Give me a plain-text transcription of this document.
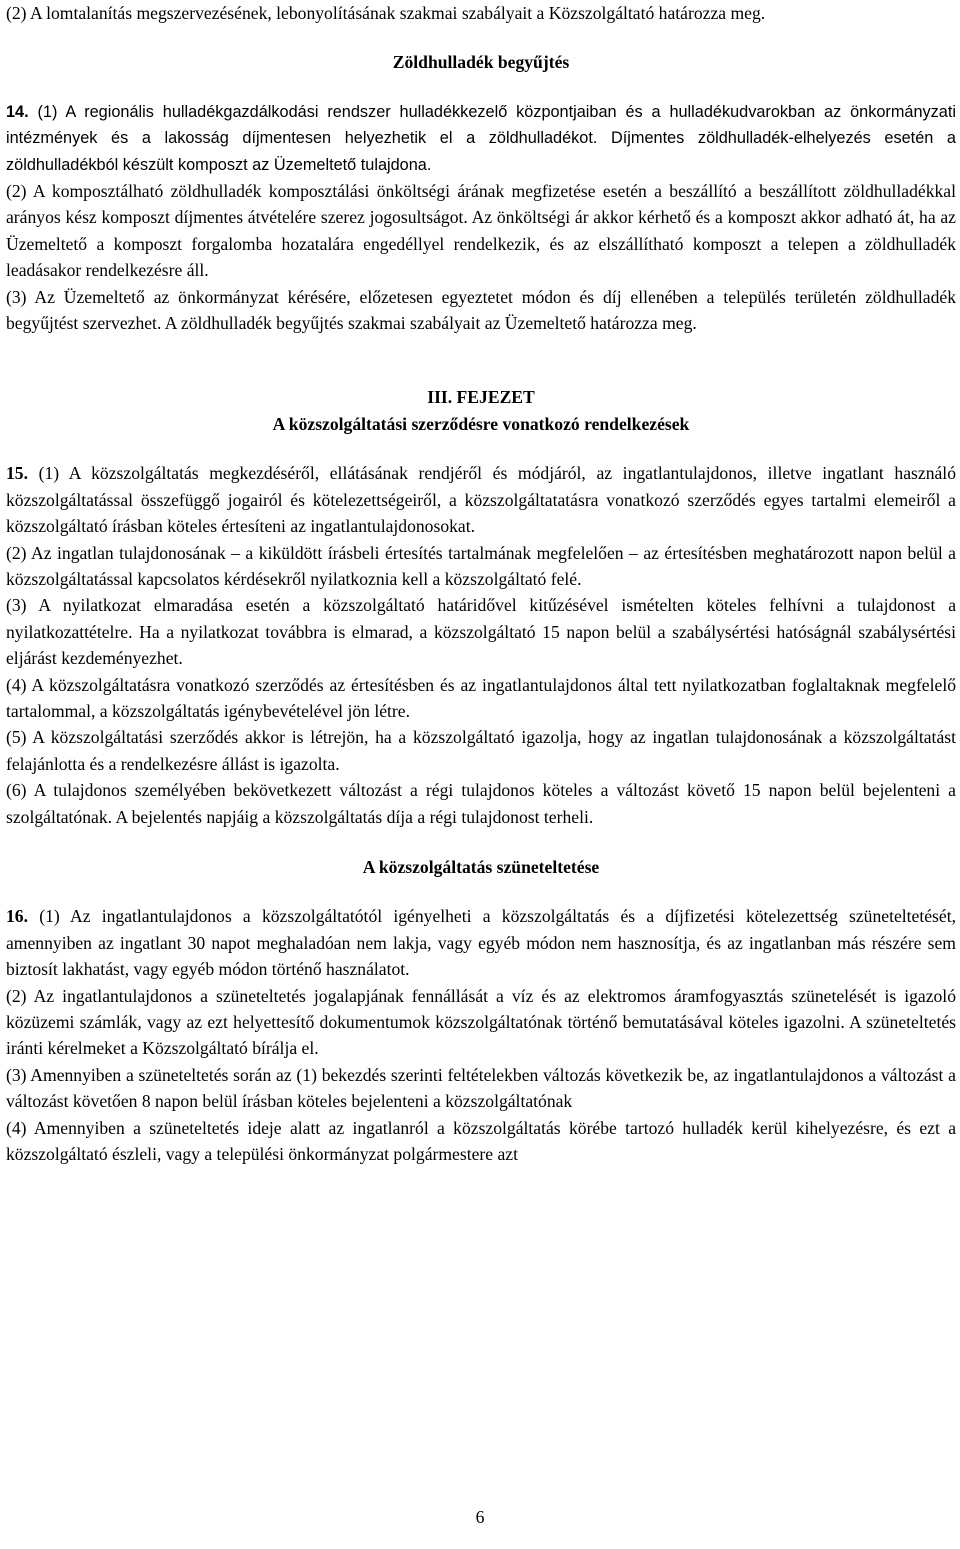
(2) A lomtalanítás megszervezésének, lebonyolításának szakmai szabályait a Közszolgáltató határozza meg.

Zöldhulladék begyűjtés

14. (1) A regionális hulladékgazdálkodási rendszer hulladékkezelő központjaiban és a hulladékudvarokban az önkormányzati intézmények és a lakosság díjmentesen helyezhetik el a zöldhulladékot. Díjmentes zöldhulladék-elhelyezés esetén a zöldhulladékból készült komposzt az Üzemeltető tulajdona.

(2) A komposztálható zöldhulladék komposztálási önköltségi árának megfizetése esetén a beszállító a beszállított zöldhulladékkal arányos kész komposzt díjmentes átvételére szerez jogosultságot. Az önköltségi ár akkor kérhető és a komposzt akkor adható át, ha az Üzemeltető a komposzt forgalomba hozatalára engedéllyel rendelkezik, és az elszállítható komposzt a telepen a zöldhulladék leadásakor rendelkezésre áll.

(3) Az Üzemeltető az önkormányzat kérésére, előzetesen egyeztetet módon és díj ellenében a település területén zöldhulladék begyűjtést szervezhet. A zöldhulladék begyűjtés szakmai szabályait az Üzemeltető határozza meg.

III. FEJEZET

A közszolgáltatási szerződésre vonatkozó rendelkezések

15. (1) A közszolgáltatás megkezdéséről, ellátásának rendjéről és módjáról, az ingatlantulajdonos, illetve ingatlant használó közszolgáltatással összefüggő jogairól és kötelezettségeiről, a közszolgáltatatásra vonatkozó szerződés egyes tartalmi elemeiről a közszolgáltató írásban köteles értesíteni az ingatlantulajdonosokat.

(2) Az ingatlan tulajdonosának – a kiküldött írásbeli értesítés tartalmának megfelelően – az értesítésben meghatározott napon belül a közszolgáltatással kapcsolatos kérdésekről nyilatkoznia kell a közszolgáltató felé.

(3) A nyilatkozat elmaradása esetén a közszolgáltató határidővel kitűzésével ismételten köteles felhívni a tulajdonost a nyilatkozattételre. Ha a nyilatkozat továbbra is elmarad, a közszolgáltató 15 napon belül a szabálysértési hatóságnál szabálysértési eljárást kezdeményezhet.

(4) A közszolgáltatásra vonatkozó szerződés az értesítésben és az ingatlantulajdonos által tett nyilatkozatban foglaltaknak megfelelő tartalommal, a közszolgáltatás igénybevételével jön létre.

(5) A közszolgáltatási szerződés akkor is létrejön, ha a közszolgáltató igazolja, hogy az ingatlan tulajdonosának a közszolgáltatást felajánlotta és a rendelkezésre állást is igazolta.

(6) A tulajdonos személyében bekövetkezett változást a régi tulajdonos köteles a változást követő 15 napon belül bejelenteni a szolgáltatónak. A bejelentés napjáig a közszolgáltatás díja a régi tulajdonost terheli.

A közszolgáltatás szüneteltetése

16. (1) Az ingatlantulajdonos a közszolgáltatótól igényelheti a közszolgáltatás és a díjfizetési kötelezettség szüneteltetését, amennyiben az ingatlant 30 napot meghaladóan nem lakja, vagy egyéb módon nem hasznosítja, és az ingatlanban más részére sem biztosít lakhatást, vagy egyéb módon történő használatot.

(2) Az ingatlantulajdonos a szüneteltetés jogalapjának fennállását a víz és az elektromos áramfogyasztás szünetelését is igazoló közüzemi számlák, vagy az ezt helyettesítő dokumentumok közszolgáltatónak történő bemutatásával köteles igazolni. A szüneteltetés iránti kérelmeket a Közszolgáltató bírálja el.

(3) Amennyiben a szüneteltetés során az (1) bekezdés szerinti feltételekben változás következik be, az ingatlantulajdonos a változást a változást követően 8 napon belül írásban köteles bejelenteni a közszolgáltatónak

(4) Amennyiben a szüneteltetés ideje alatt az ingatlanról a közszolgáltatás körébe tartozó hulladék kerül kihelyezésre, és ezt a közszolgáltató észleli, vagy a települési önkormányzat polgármestere azt

6
